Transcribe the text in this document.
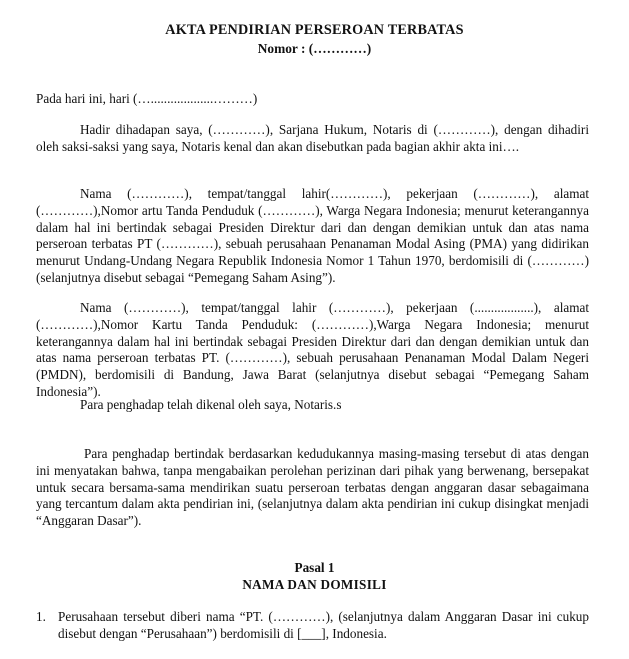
AKTA PENDIRIAN PERSEROAN TERBATAS
Nomor : (…………)
Pada hari ini, hari (…...................………)
Hadir dihadapan saya, (…………), Sarjana Hukum, Notaris di (…………), dengan dihadiri oleh saksi-saksi yang saya, Notaris kenal dan akan disebutkan pada bagian akhir akta ini….
Nama (…………), tempat/tanggal lahir(…………), pekerjaan (…………), alamat (…………),Nomor artu Tanda Penduduk (…………), Warga Negara Indonesia; menurut keterangannya dalam hal ini bertindak sebagai Presiden Direktur dari dan dengan demikian untuk dan atas nama perseroan terbatas PT (…………), sebuah perusahaan Penanaman Modal Asing (PMA) yang didirikan menurut Undang-Undang Negara Republik Indonesia Nomor 1 Tahun 1970, berdomisili di (…………) (selanjutnya disebut sebagai “Pemegang Saham Asing”).
Nama (…………), tempat/tanggal lahir (…………), pekerjaan (..................), alamat (…………),Nomor Kartu Tanda Penduduk: (…………),Warga Negara Indonesia; menurut keterangannya dalam hal ini bertindak sebagai Presiden Direktur dari dan dengan demikian untuk dan atas nama perseroan terbatas PT. (…………), sebuah perusahaan Penanaman Modal Dalam Negeri (PMDN), berdomisili di Bandung, Jawa Barat (selanjutnya disebut sebagai “Pemegang Saham Indonesia”).
Para penghadap telah dikenal oleh saya, Notaris.s
Para penghadap bertindak berdasarkan kedudukannya masing-masing tersebut di atas dengan ini menyatakan bahwa, tanpa mengabaikan perolehan perizinan dari pihak yang berwenang, bersepakat untuk secara bersama-sama mendirikan suatu perseroan terbatas dengan anggaran dasar sebagaimana yang tercantum dalam akta pendirian ini, (selanjutnya dalam akta pendirian ini cukup disingkat menjadi “Anggaran Dasar”).
Pasal 1
NAMA DAN DOMISILI
1. Perusahaan tersebut diberi nama “PT. (…………), (selanjutnya dalam Anggaran Dasar ini cukup disebut dengan “Perusahaan”) berdomisili di [___], Indonesia.
